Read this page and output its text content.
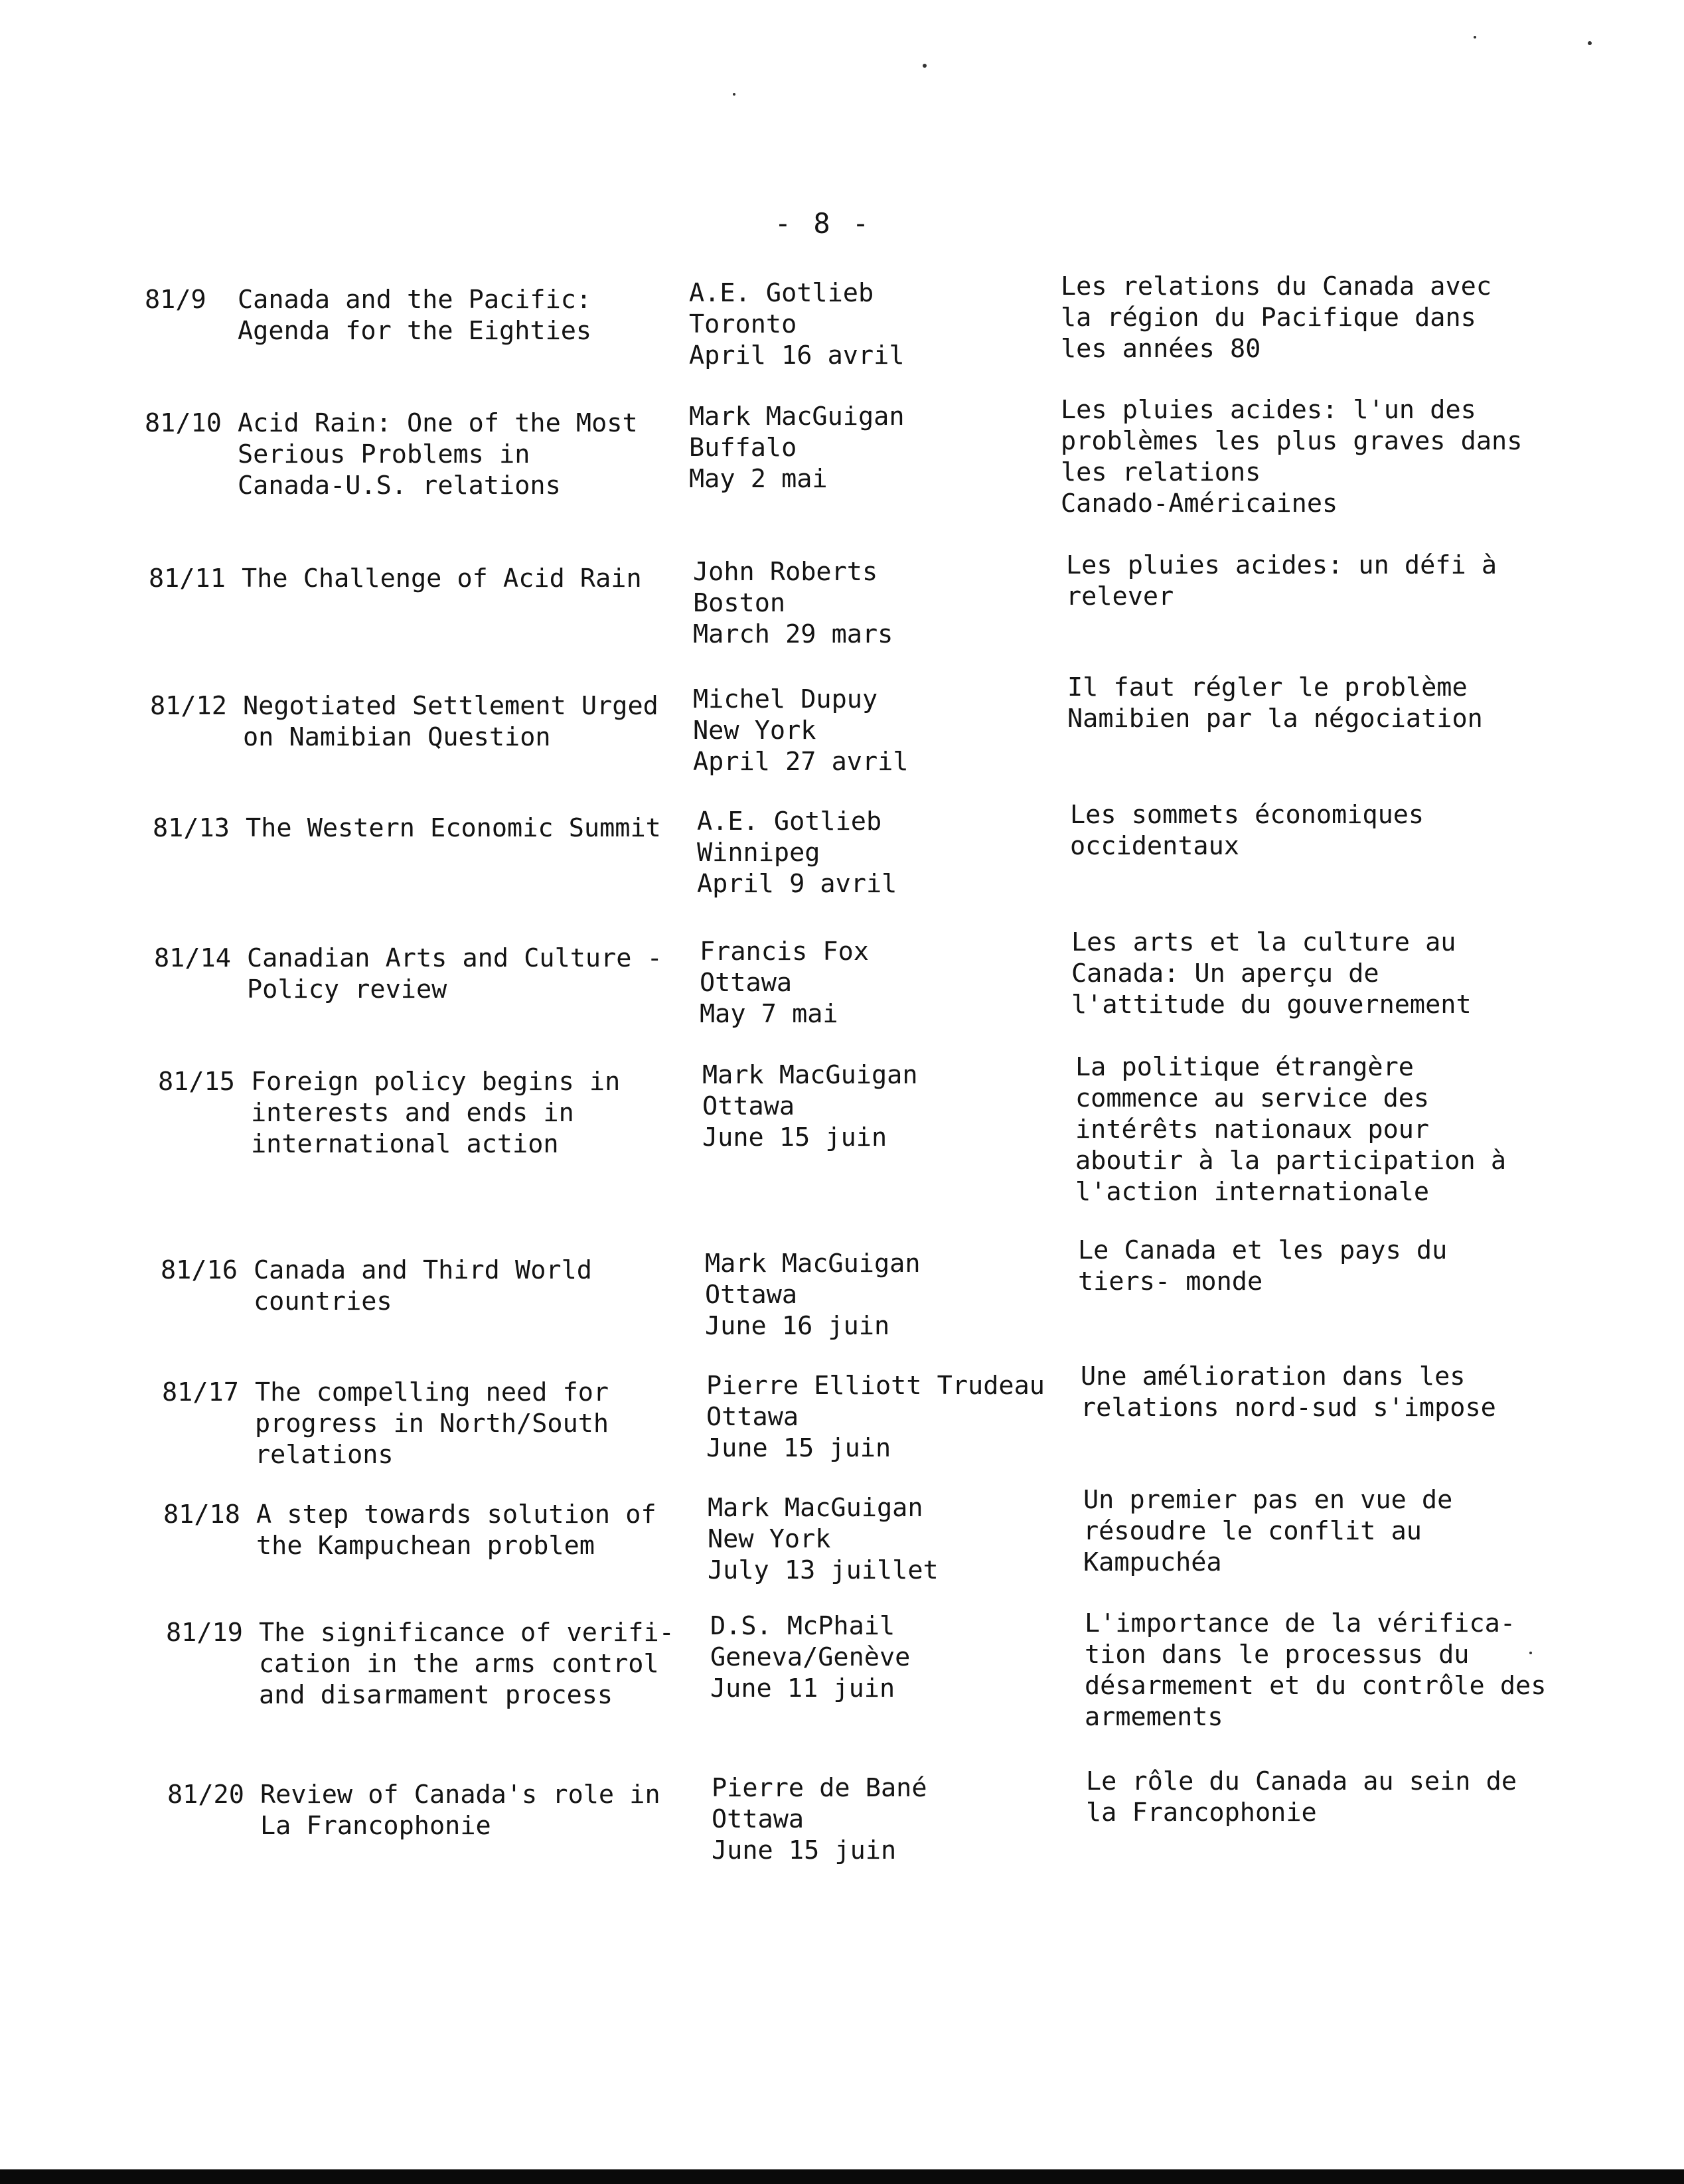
- 8 -
81/9 Canada and the Pacific:
Agenda for the Eighties
A.E. Gotlieb
Toronto
April 16 avril
Les relations du Canada avec
la région du Pacifique dans
les années 80
81/10 Acid Rain: One of the Most
Serious Problems in
Canada-U.S. relations
Mark MacGuigan
Buffalo
May 2 mai
Les pluies acides: l'un des
problèmes les plus graves dans
les relations
Canado-Américaines
81/11 The Challenge of Acid Rain	John Roberts
Boston
March 29 mars
Les pluies acides: un défi à
relever
81/12 Negotiated Settlement Urged
on Namibian Question
Michel Dupuy
New York
April 27 avril
Il faut régler le problème
Namibien par la négociation
81/13 The Western Economic Summit	A.E. Gotlieb
Winnipeg
April 9 avril
Les sommets économiques
occidentaux
81/14 Canadian Arts and Culture -
Policy review
Francis Fox
Ottawa
May 7 mai
Les arts et la culture au
Canada: Un aperçu de
l'attitude du gouvernement
81/15 Foreign policy begins in
interests and ends in
international action
Mark MacGuigan
Ottawa
June 15 juin
La politique étrangère
commence au service des
intérêts nationaux pour
aboutir à la participation à
l'action internationale
81/16 Canada and Third World
countries
Mark MacGuigan
Ottawa
June 16 juin
Le Canada et les pays du
tiers- monde
81/17 The compelling need for
progress in North/South
relations
Pierre Elliott Trudeau
Ottawa
June 15 juin
Une amélioration dans les
relations nord-sud s'impose
81/18 A step towards solution of
the Kampuchean problem
Mark MacGuigan
New York
July 13 juillet
Un premier pas en vue de
résoudre le conflit au
Kampuchéa
81/19 The significance of verifi-
cation in the arms control
and disarmament process
D.S. McPhail
Geneva/Genève
June 11 juin
L'importance de la vérifica-
tion dans le processus du
désarmement et du contrôle des
armements
81/20 Review of Canada's role in
La Francophonie
Pierre de Bané
Ottawa
June 15 juin
Le rôle du Canada au sein de
la Francophonie
